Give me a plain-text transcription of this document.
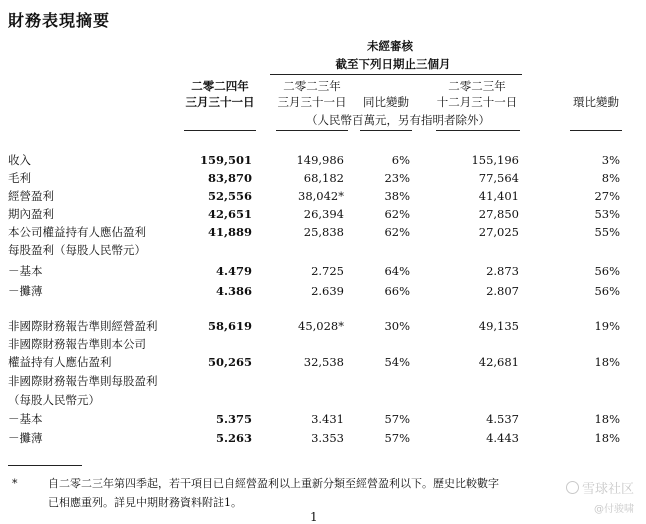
財務表現摘要
未經審核
截至下列日期止三個月
二零二四年
三月三十一日
二零二三年
三月三十一日	同比變動
二零二三年
十二月三十一日	環比變動
（人民幣百萬元，另有指明者除外）
收入	159,501	149,986	6%	155,196	3%
毛利	83,870	68,182	23%	77,564	8%
經營盈利	52,556	38,042*	38%	41,401	27%
期內盈利	42,651	26,394	62%	27,850	53%
本公司權益持有人應佔盈利	41,889	25,838	62%	27,025	55%
每股盈利（每股人民幣元）
－基本	4.479	2.725	64%	2.873	56%
－攤薄	4.386	2.639	66%	2.807	56%
非國際財務報告準則經營盈利	58,619	45,028*	30%	49,135	19%
非國際財務報告準則本公司
權益持有人應佔盈利	50,265	32,538	54%	42,681	18%
非國際財務報告準則每股盈利
（每股人民幣元）
－基本	5.375	3.431	57%	4.537	18%
－攤薄	5.263	3.353	57%	4.443	18%
*	自二零二三年第四季起，若干項目已自經營盈利以上重新分類至經營盈利以下。歷史比較數字
已相應重列。詳見中期財務資料附註1。
1
雪球社区
@付骏啸
